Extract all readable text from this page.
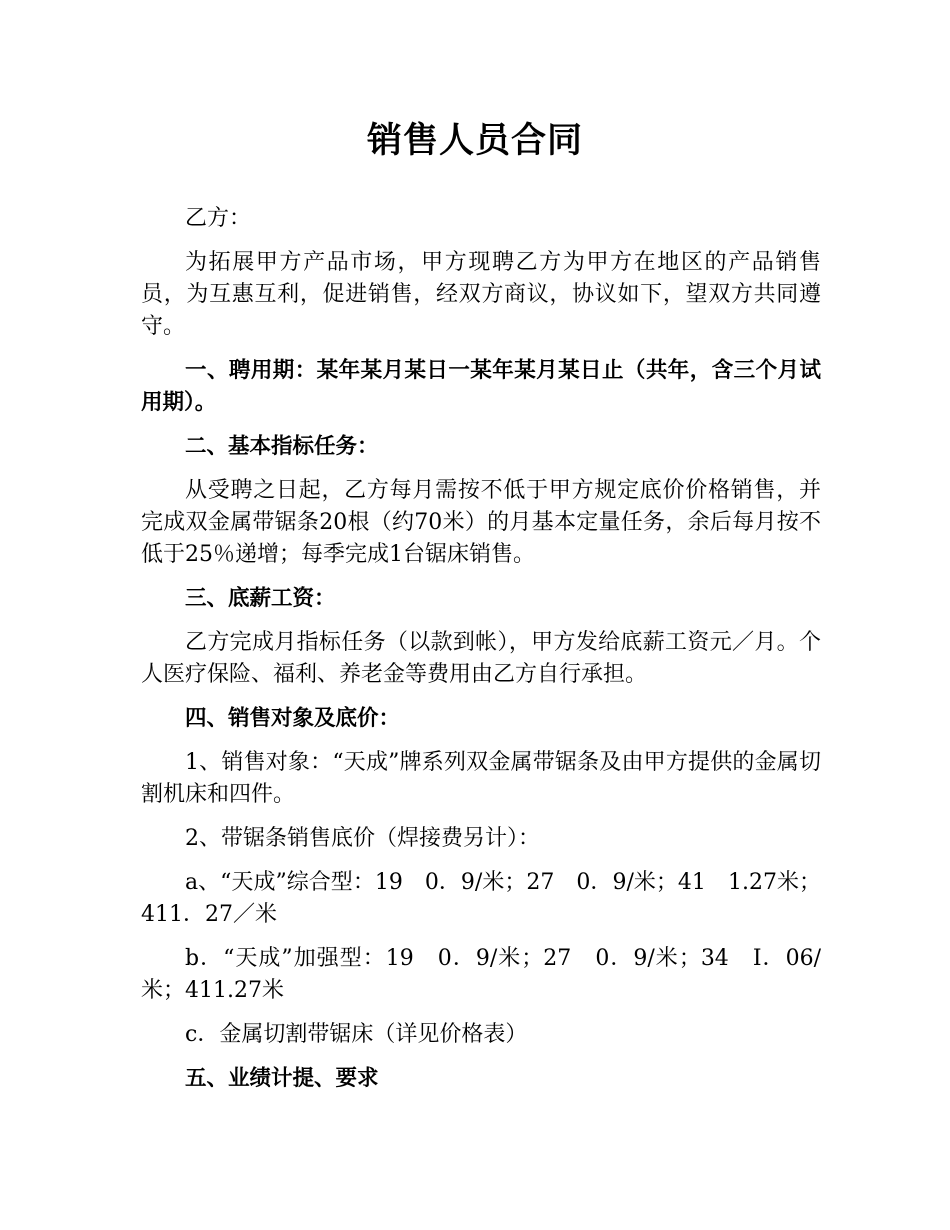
销售人员合同

乙方：

为拓展甲方产品市场，甲方现聘乙方为甲方在地区的产品销售员，为互惠互利，促进销售，经双方商议，协议如下，望双方共同遵守。

一、聘用期：某年某月某日一某年某月某日止（共年，含三个月试用期）。

二、基本指标任务：

从受聘之日起，乙方每月需按不低于甲方规定底价价格销售，并完成双金属带锯条20根（约70米）的月基本定量任务，余后每月按不低于25％递增；每季完成1台锯床销售。

三、底薪工资：

乙方完成月指标任务（以款到帐），甲方发给底薪工资元／月。个人医疗保险、福利、养老金等费用由乙方自行承担。

四、销售对象及底价：

1、销售对象：“天成”牌系列双金属带锯条及由甲方提供的金属切割机床和四件。

2、带锯条销售底价（焊接费另计）：

a、“天成”综合型：19　0．9/米；27　0．9/米；41　1.27米；411．27／米

b．“天成”加强型：19　0．9/米；27　0．9/米；34　I．06/米；411.27米

c．金属切割带锯床（详见价格表）

五、业绩计提、要求
